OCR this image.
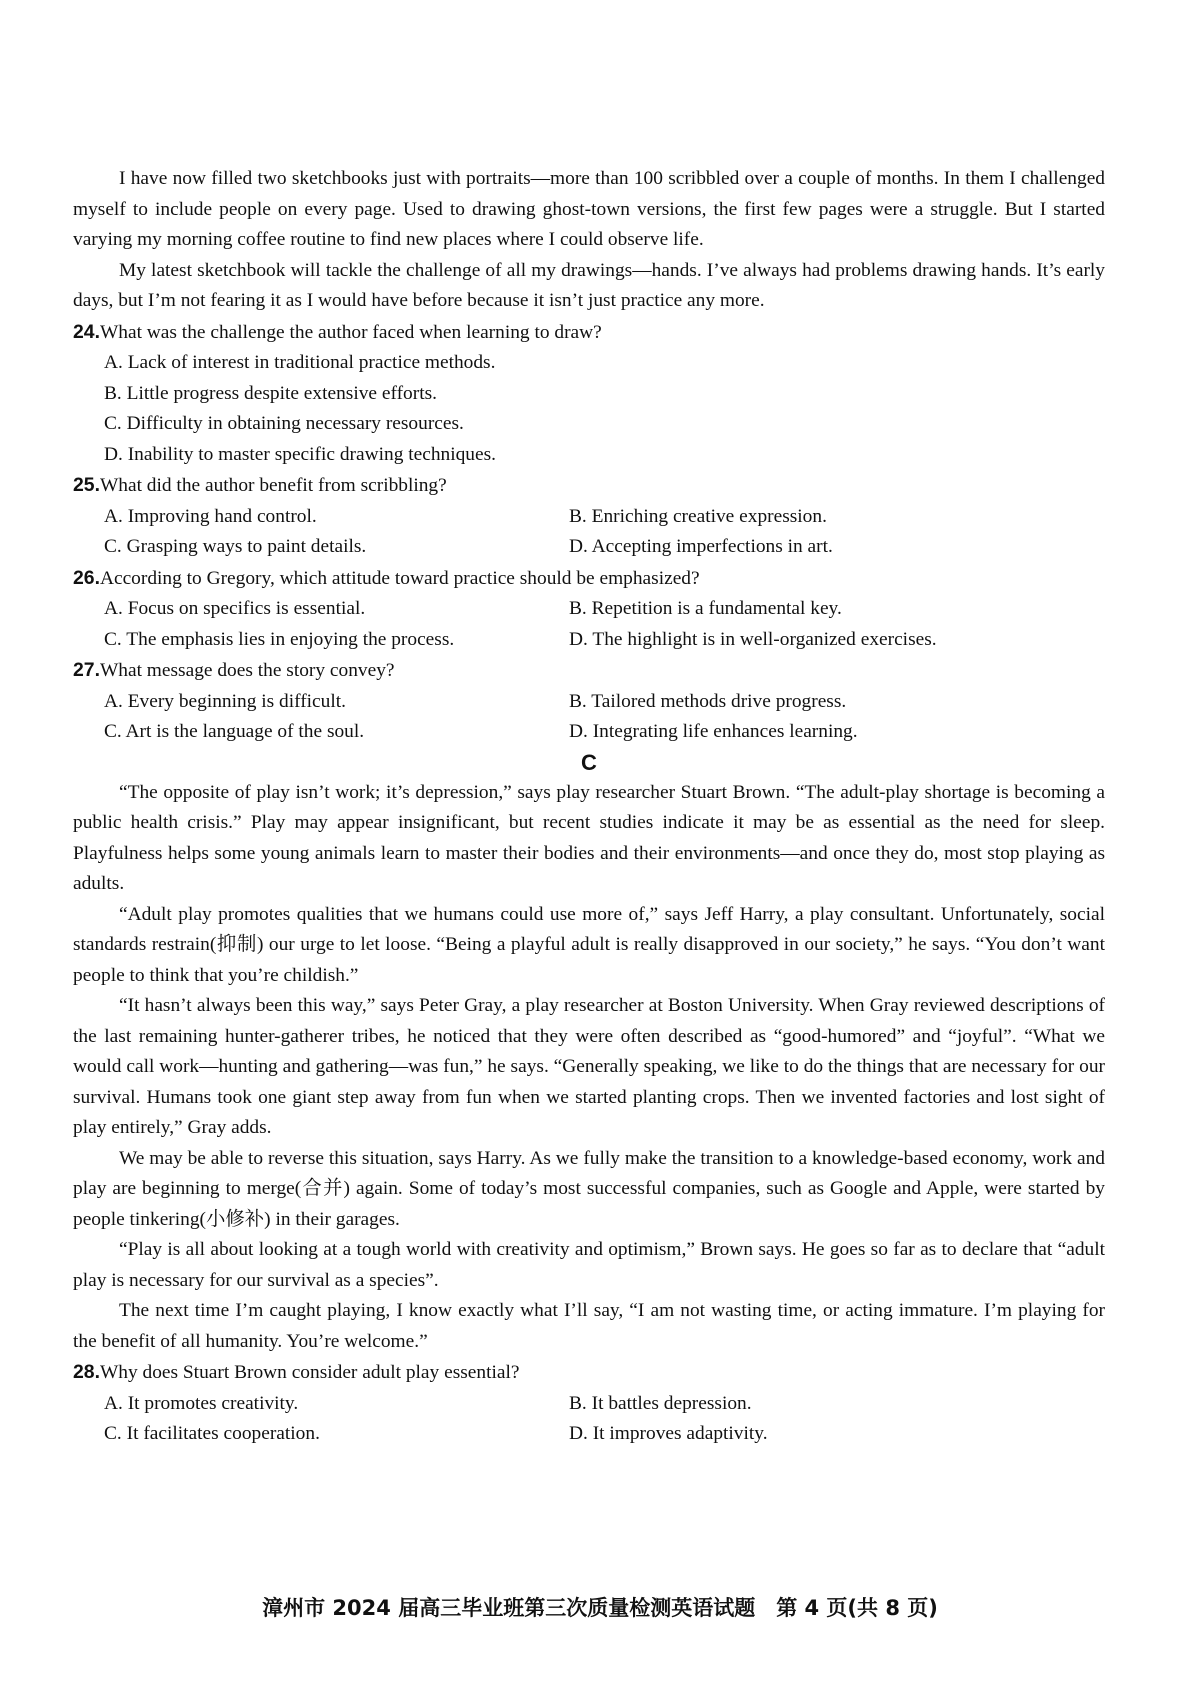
I have now filled two sketchbooks just with portraits—more than 100 scribbled over a couple of months. In them I challenged myself to include people on every page. Used to drawing ghost-town versions, the first few pages were a struggle. But I started varying my morning coffee routine to find new places where I could observe life.

My latest sketchbook will tackle the challenge of all my drawings—hands. I’ve always had problems drawing hands. It’s early days, but I’m not fearing it as I would have before because it isn’t just practice any more.

24.What was the challenge the author faced when learning to draw?

A. Lack of interest in traditional practice methods.
B. Little progress despite extensive efforts.
C. Difficulty in obtaining necessary resources.
D. Inability to master specific drawing techniques.

25.What did the author benefit from scribbling?

A. Improving hand control.	B. Enriching creative expression.
C. Grasping ways to paint details.	D. Accepting imperfections in art.

26.According to Gregory, which attitude toward practice should be emphasized?

A. Focus on specifics is essential.	B. Repetition is a fundamental key.
C. The emphasis lies in enjoying the process.	D. The highlight is in well-organized exercises.

27.What message does the story convey?

A. Every beginning is difficult.	B. Tailored methods drive progress.
C. Art is the language of the soul.	D. Integrating life enhances learning.

C

“The opposite of play isn’t work; it’s depression,” says play researcher Stuart Brown. “The adult-play shortage is becoming a public health crisis.” Play may appear insignificant, but recent studies indicate it may be as essential as the need for sleep. Playfulness helps some young animals learn to master their bodies and their environments—and once they do, most stop playing as adults.

“Adult play promotes qualities that we humans could use more of,” says Jeff Harry, a play consultant. Unfortunately, social standards restrain(抑制) our urge to let loose. “Being a playful adult is really disapproved in our society,” he says. “You don’t want people to think that you’re childish.”

“It hasn’t always been this way,” says Peter Gray, a play researcher at Boston University. When Gray reviewed descriptions of the last remaining hunter-gatherer tribes, he noticed that they were often described as “good-humored” and “joyful”. “What we would call work—hunting and gathering—was fun,” he says. “Generally speaking, we like to do the things that are necessary for our survival. Humans took one giant step away from fun when we started planting crops. Then we invented factories and lost sight of play entirely,” Gray adds.

We may be able to reverse this situation, says Harry. As we fully make the transition to a knowledge-based economy, work and play are beginning to merge(合并) again. Some of today’s most successful companies, such as Google and Apple, were started by people tinkering(小修补) in their garages.

“Play is all about looking at a tough world with creativity and optimism,” Brown says. He goes so far as to declare that “adult play is necessary for our survival as a species”.

The next time I’m caught playing, I know exactly what I’ll say, “I am not wasting time, or acting immature. I’m playing for the benefit of all humanity. You’re welcome.”

28.Why does Stuart Brown consider adult play essential?

A. It promotes creativity.	B. It battles depression.
C. It facilitates cooperation.	D. It improves adaptivity.
漳州市 2024 届高三毕业班第三次质量检测英语试题　第 4 页(共 8 页)
